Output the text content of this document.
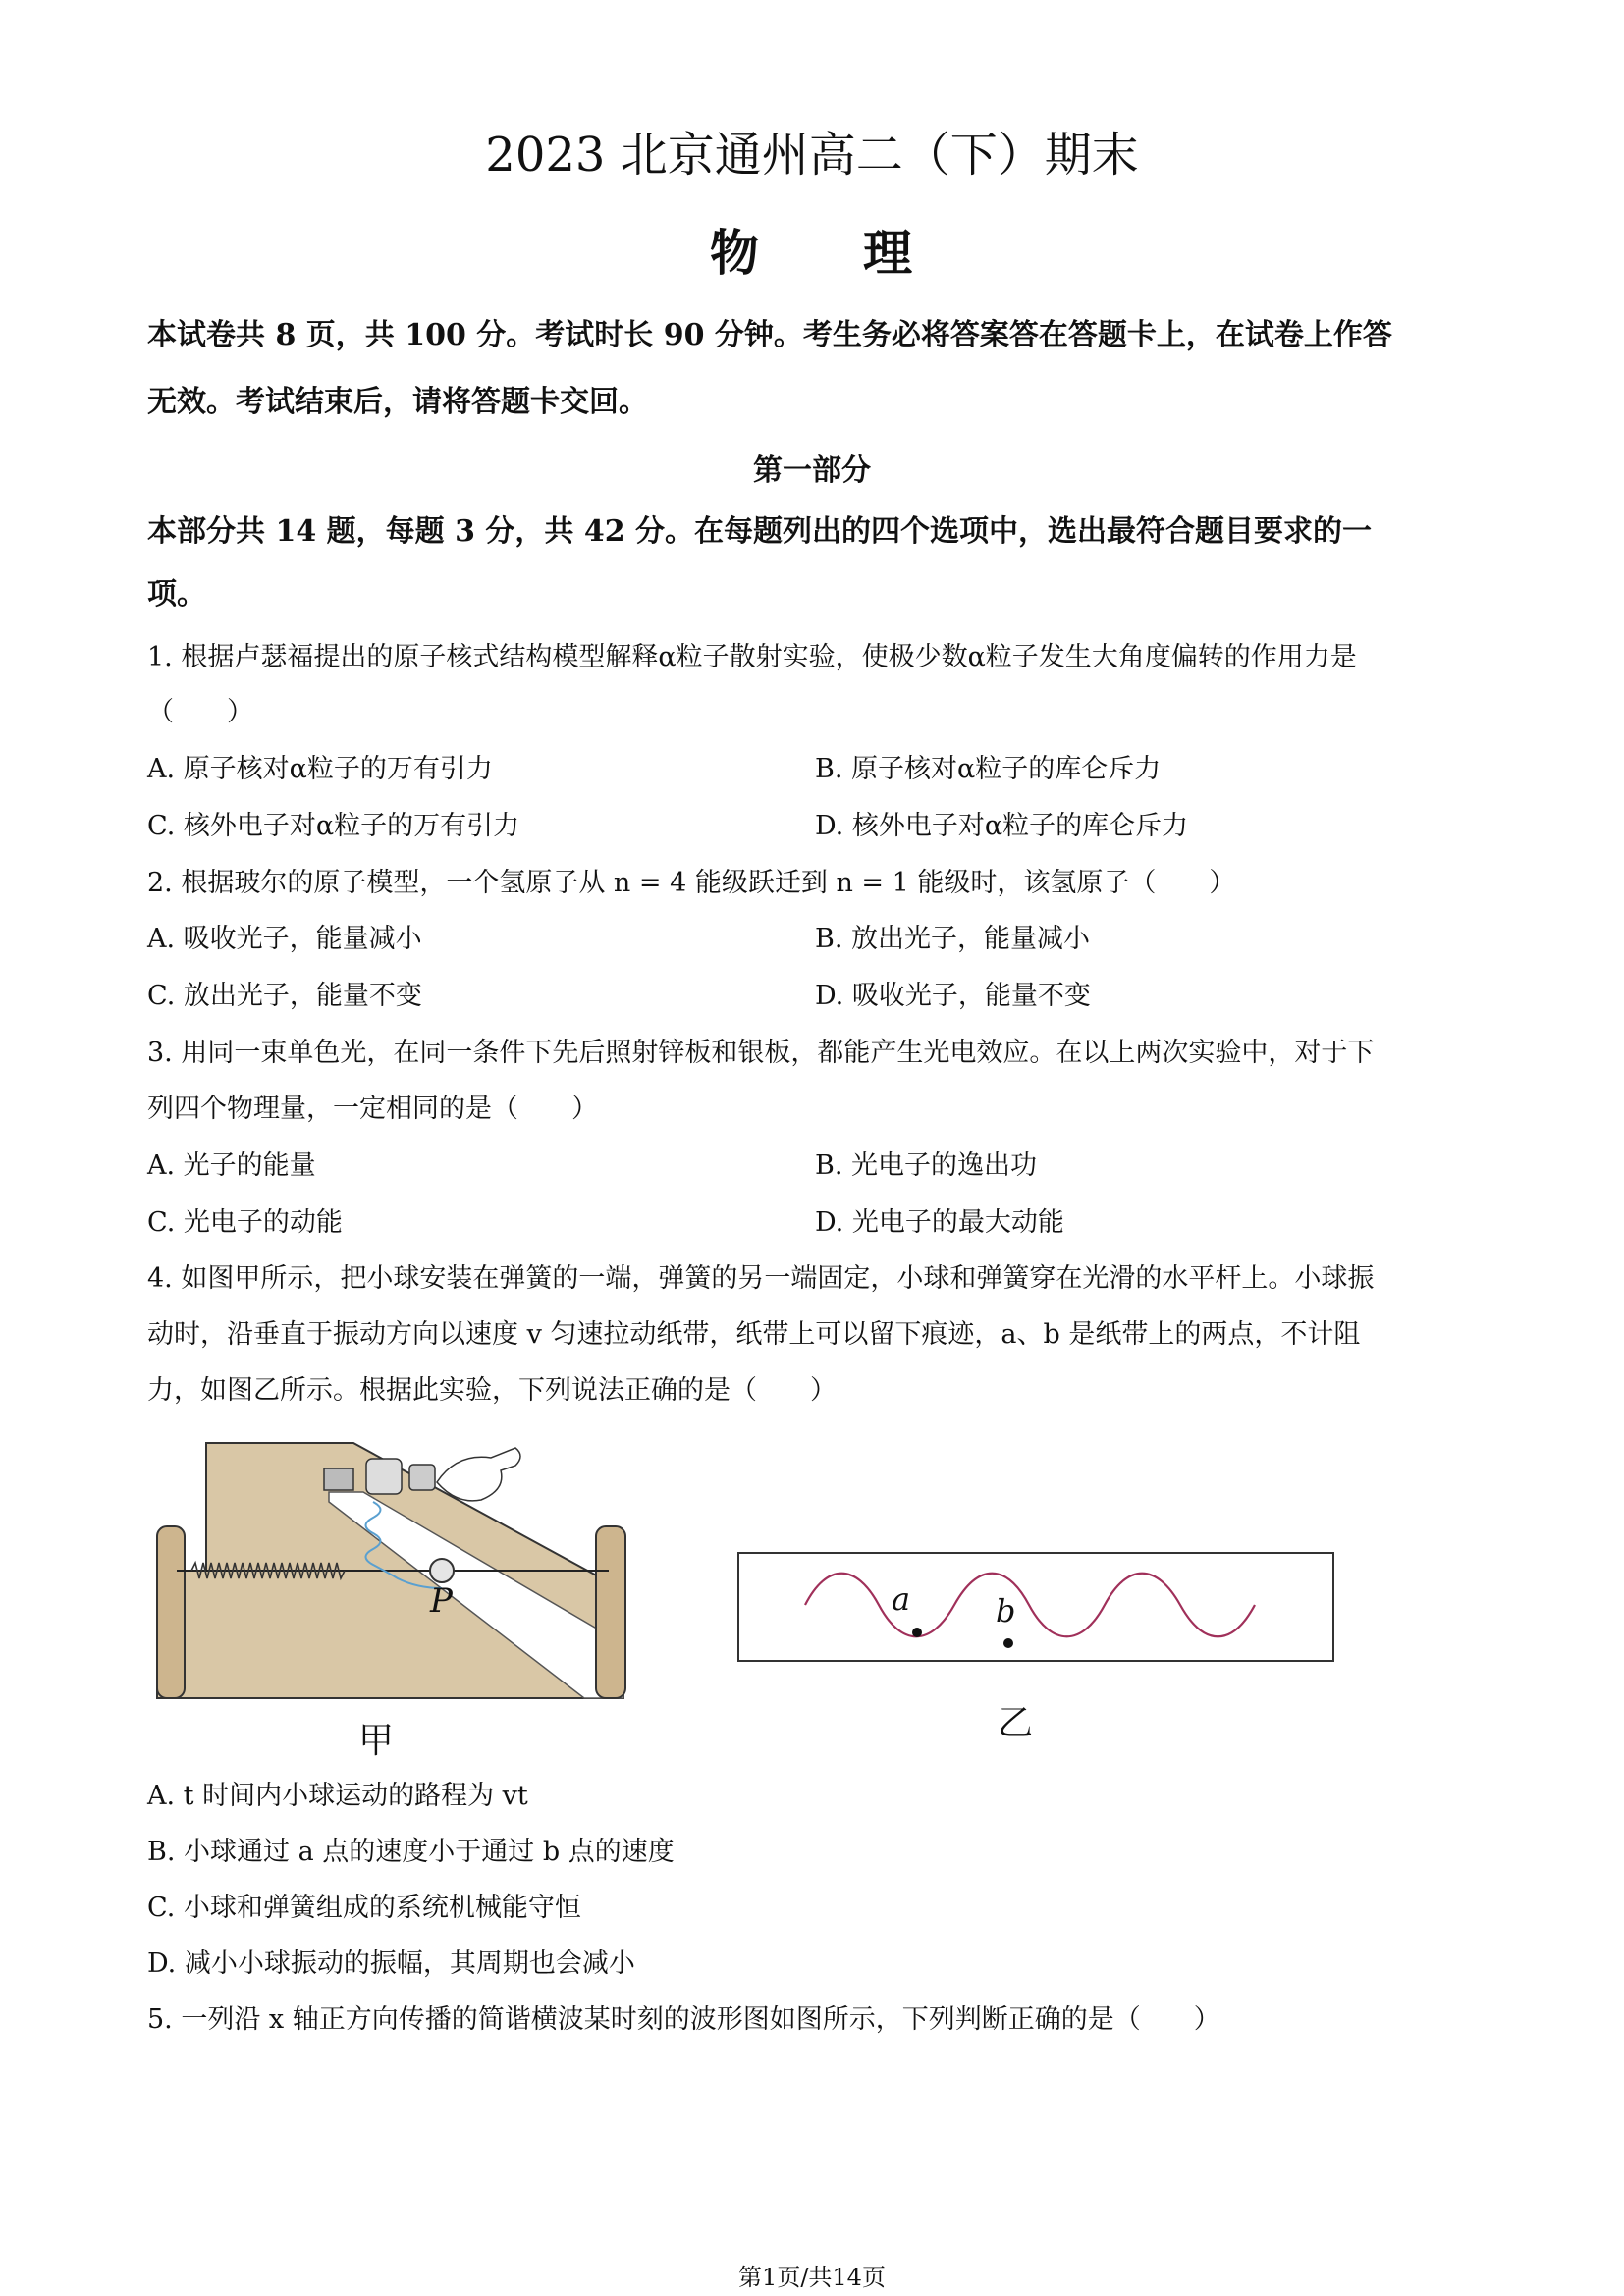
2023 北京通州高二（下）期末
物 理
本试卷共 8 页，共 100 分。考试时长 90 分钟。考生务必将答案答在答题卡上，在试卷上作答
无效。考试结束后，请将答题卡交回。
第一部分
本部分共 14 题，每题 3 分，共 42 分。在每题列出的四个选项中，选出最符合题目要求的一
项。
1. 根据卢瑟福提出的原子核式结构模型解释α粒子散射实验，使极少数α粒子发生大角度偏转的作用力是
（　　）
A. 原子核对α粒子的万有引力	B. 原子核对α粒子的库仑斥力
C. 核外电子对α粒子的万有引力	D. 核外电子对α粒子的库仑斥力
2. 根据玻尔的原子模型，一个氢原子从 n = 4 能级跃迁到 n = 1 能级时，该氢原子（　　）
A. 吸收光子，能量减小	B. 放出光子，能量减小
C. 放出光子，能量不变	D. 吸收光子，能量不变
3. 用同一束单色光，在同一条件下先后照射锌板和银板，都能产生光电效应。在以上两次实验中，对于下
列四个物理量，一定相同的是（　　）
A. 光子的能量	B. 光电子的逸出功
C. 光电子的动能	D. 光电子的最大动能
4. 如图甲所示，把小球安装在弹簧的一端，弹簧的另一端固定，小球和弹簧穿在光滑的水平杆上。小球振
动时，沿垂直于振动方向以速度 v 匀速拉动纸带，纸带上可以留下痕迹，a、b 是纸带上的两点，不计阻
力，如图乙所示。根据此实验，下列说法正确的是（　　）
P
甲
a	b
乙
A. t 时间内小球运动的路程为 vt
B. 小球通过 a 点的速度小于通过 b 点的速度
C. 小球和弹簧组成的系统机械能守恒
D. 减小小球振动的振幅，其周期也会减小
5. 一列沿 x 轴正方向传播的简谐横波某时刻的波形图如图所示，下列判断正确的是（　　）
第1页/共14页
